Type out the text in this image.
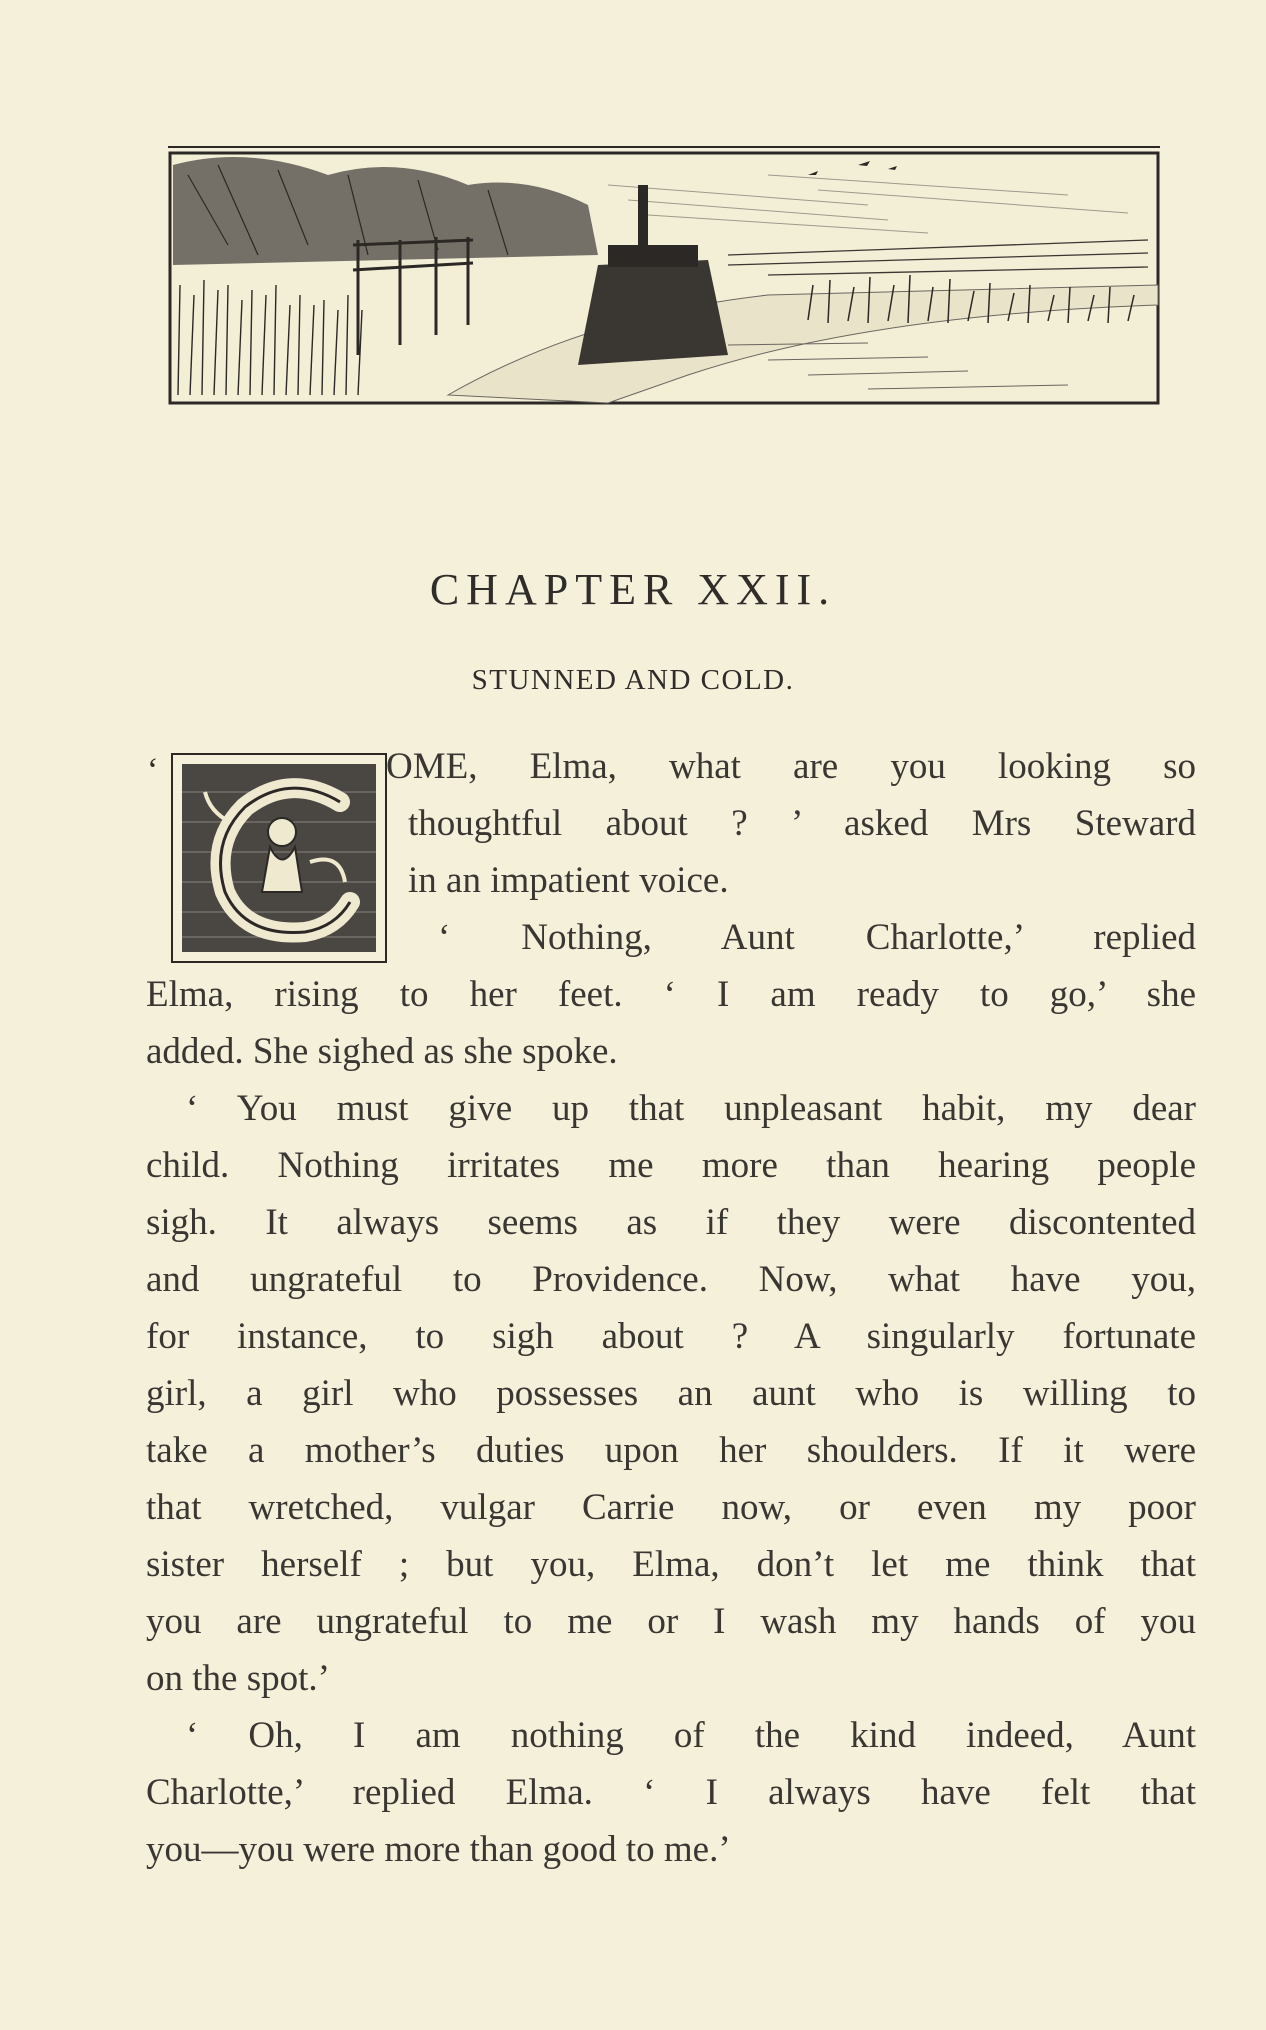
CHAPTER XXII.
STUNNED AND COLD.
‘	OME, Elma, what are you looking so

thoughtful about ? ’ asked Mrs Steward

in an impatient voice.

‘ Nothing, Aunt Charlotte,’ replied

Elma, rising to her feet. ‘ I am ready to go,’ she

added. She sighed as she spoke.

‘ You must give up that unpleasant habit, my dear

child. Nothing irritates me more than hearing people

sigh. It always seems as if they were discontented

and ungrateful to Providence. Now, what have you,

for instance, to sigh about ? A singularly fortunate

girl, a girl who possesses an aunt who is willing to

take a mother’s duties upon her shoulders. If it were

that wretched, vulgar Carrie now, or even my poor

sister herself ; but you, Elma, don’t let me think that

you are ungrateful to me or I wash my hands of you

on the spot.’

‘ Oh, I am nothing of the kind indeed, Aunt

Charlotte,’ replied Elma. ‘ I always have felt that

you—you were more than good to me.’
